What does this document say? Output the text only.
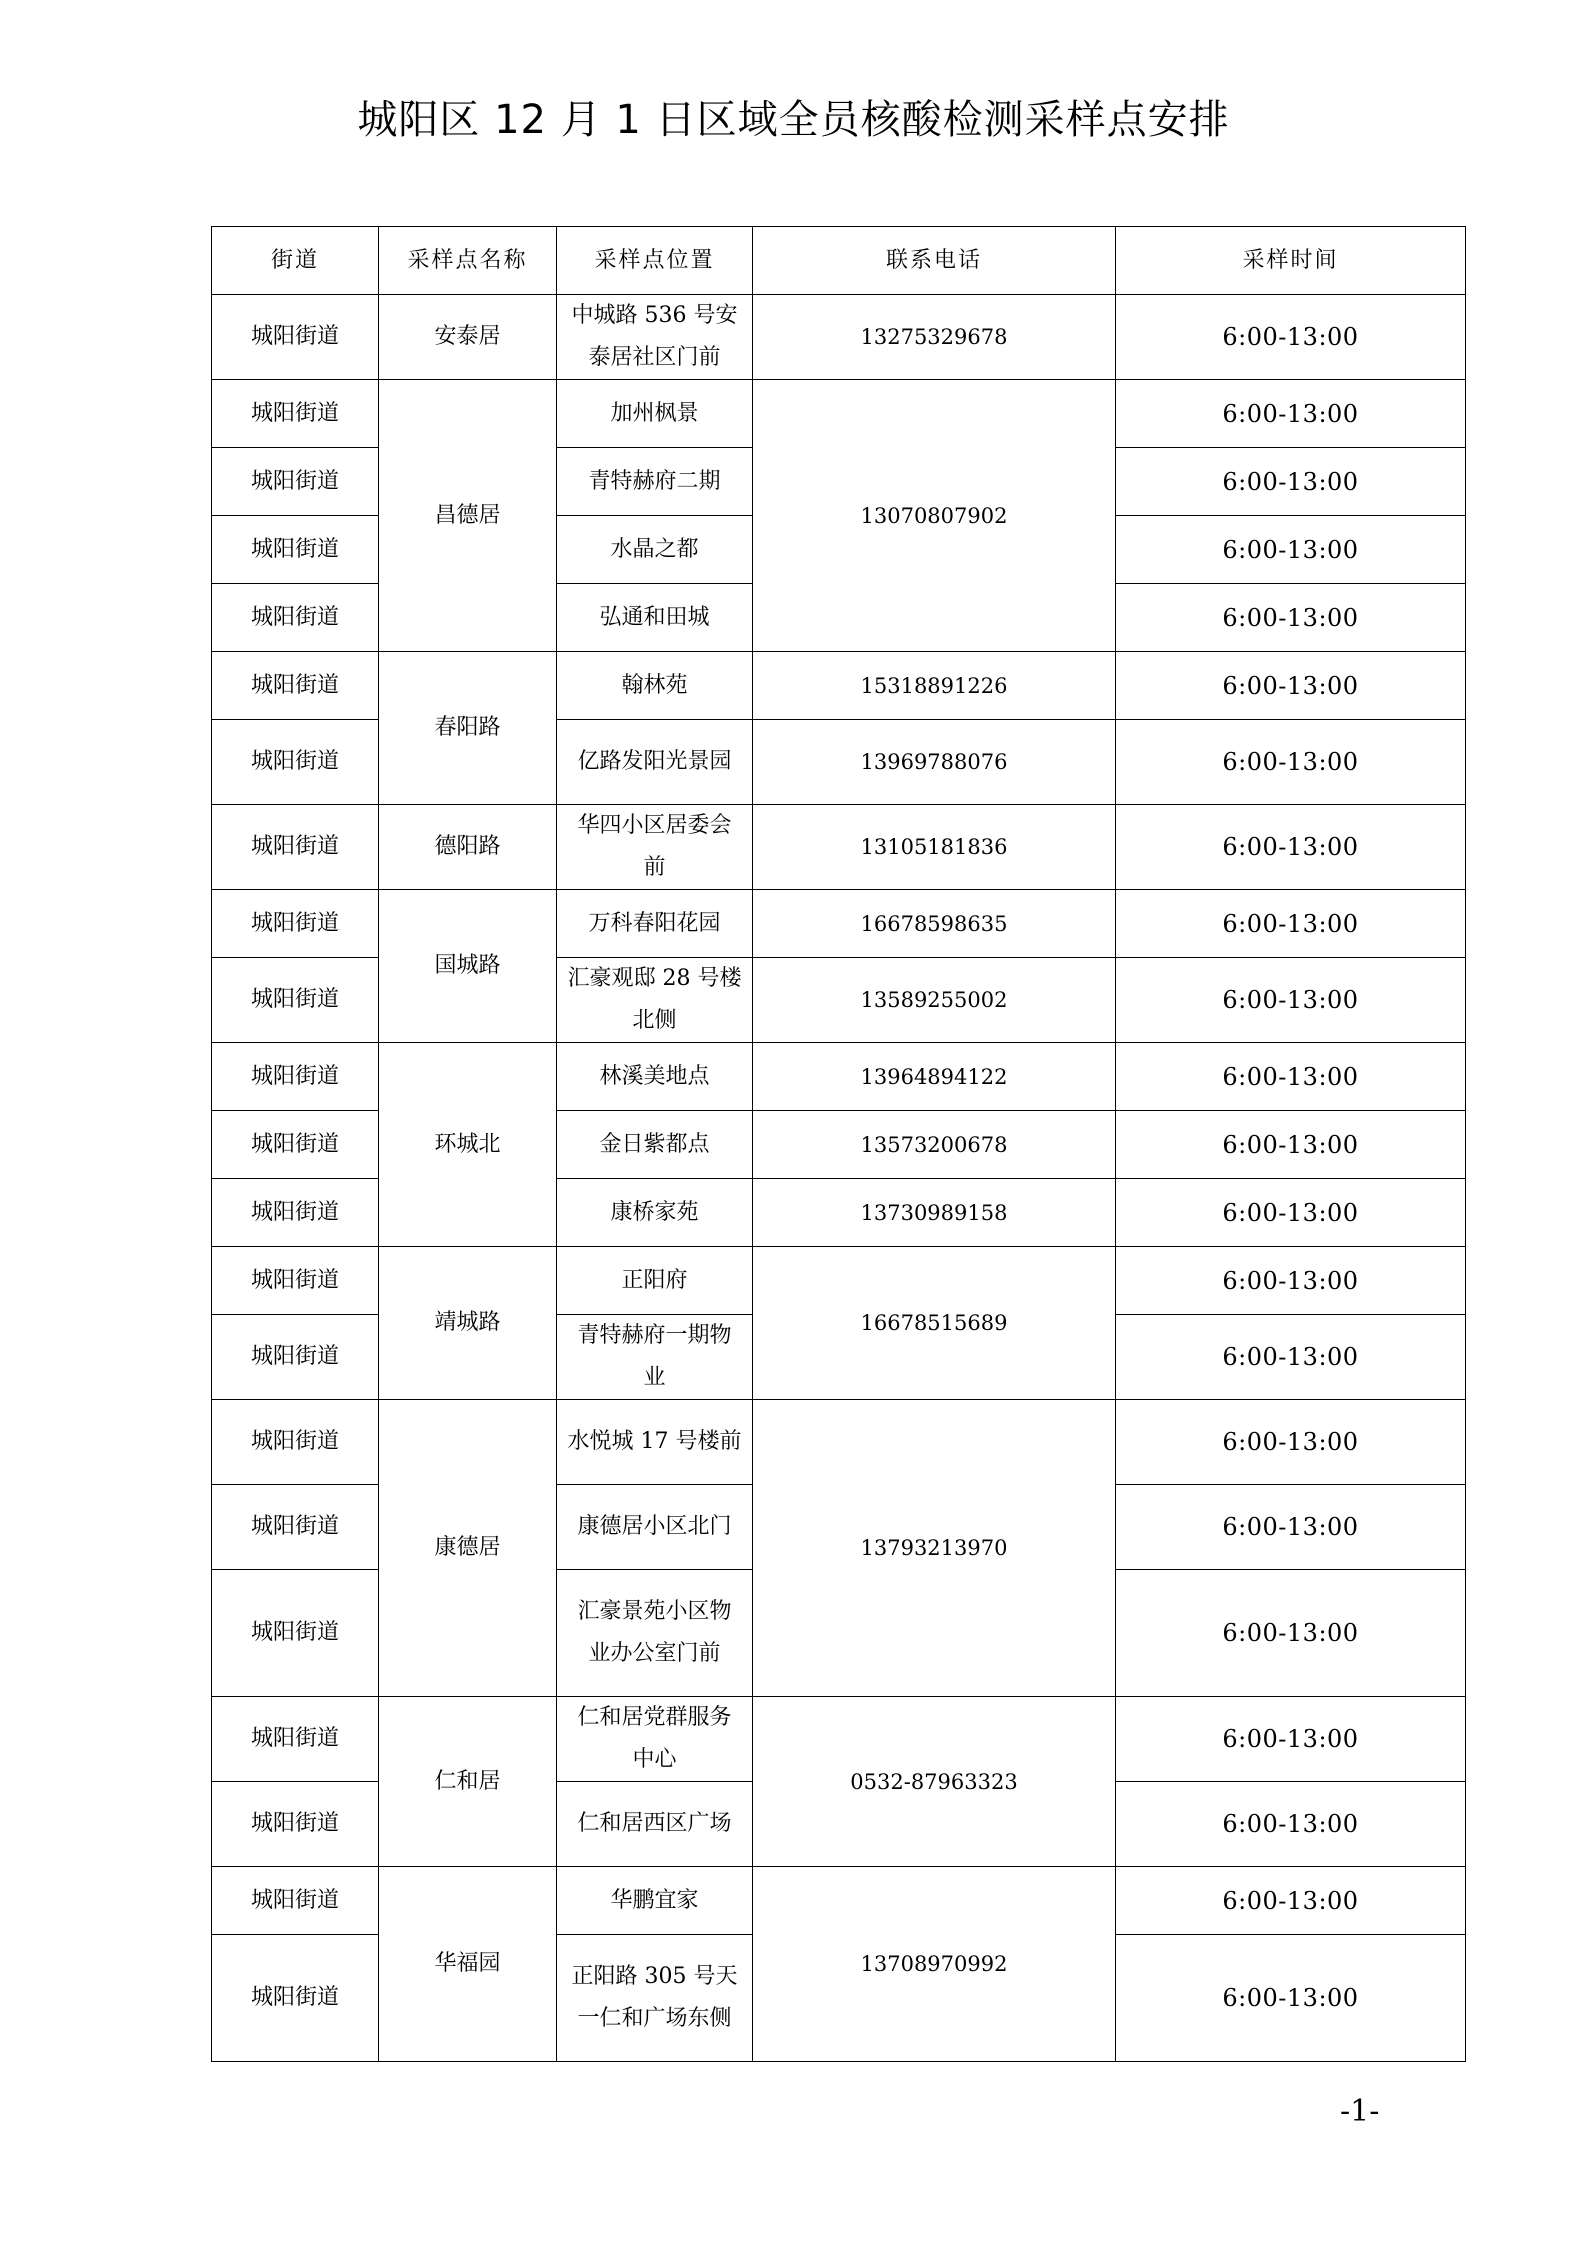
城阳区 12 月 1 日区域全员核酸检测采样点安排
街道	采样点名称	采样点位置	联系电话	采样时间
城阳街道	安泰居	中城路 536 号安泰居社区门前	13275329678	6:00-13:00
城阳街道	昌德居	加州枫景	13070807902	6:00-13:00
城阳街道		青特赫府二期		6:00-13:00
城阳街道		水晶之都		6:00-13:00
城阳街道		弘通和田城		6:00-13:00
城阳街道	春阳路	翰林苑	15318891226	6:00-13:00
城阳街道		亿路发阳光景园	13969788076	6:00-13:00
城阳街道	德阳路	华四小区居委会前	13105181836	6:00-13:00
城阳街道	国城路	万科春阳花园	16678598635	6:00-13:00
城阳街道		汇豪观邸 28 号楼北侧	13589255002	6:00-13:00
城阳街道	环城北	林溪美地点	13964894122	6:00-13:00
城阳街道		金日紫都点	13573200678	6:00-13:00
城阳街道		康桥家苑	13730989158	6:00-13:00
城阳街道	靖城路	正阳府	16678515689	6:00-13:00
城阳街道		青特赫府一期物业		6:00-13:00
城阳街道	康德居	水悦城 17 号楼前	13793213970	6:00-13:00
城阳街道		康德居小区北门		6:00-13:00
城阳街道		汇豪景苑小区物业办公室门前		6:00-13:00
城阳街道	仁和居	仁和居党群服务中心	0532-87963323	6:00-13:00
城阳街道		仁和居西区广场		6:00-13:00
城阳街道	华福园	华鹏宜家	13708970992	6:00-13:00
城阳街道		正阳路 305 号天一仁和广场东侧		6:00-13:00
-1-
